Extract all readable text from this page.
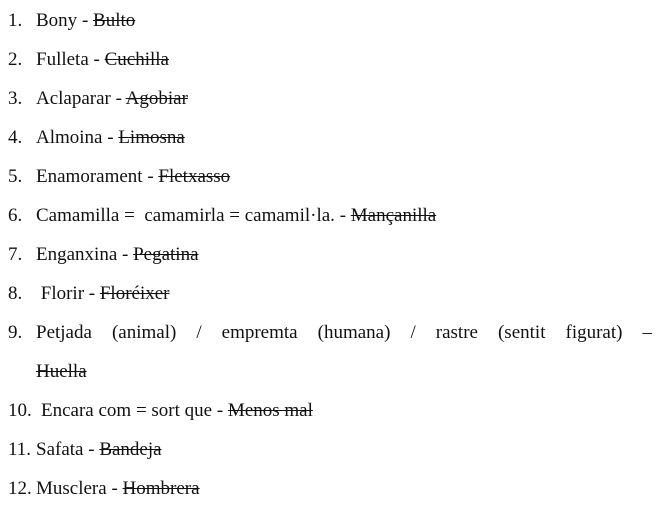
1. Bony - Bulto
2. Fulleta - Cuchilla
3. Aclaparar - Agobiar
4. Almoina - Limosna
5. Enamorament - Fletxasso
6. Camamilla =  camamirla = camamil·la. - Mançanilla
7. Enganxina - Pegatina
8. Florir - Floréixer
9. Petjada (animal) / empremta (humana) / rastre (sentit figurat) –
Huella
10. Encara com = sort que - Menos mal
11. Safata - Bandeja
12. Musclera - Hombrera
